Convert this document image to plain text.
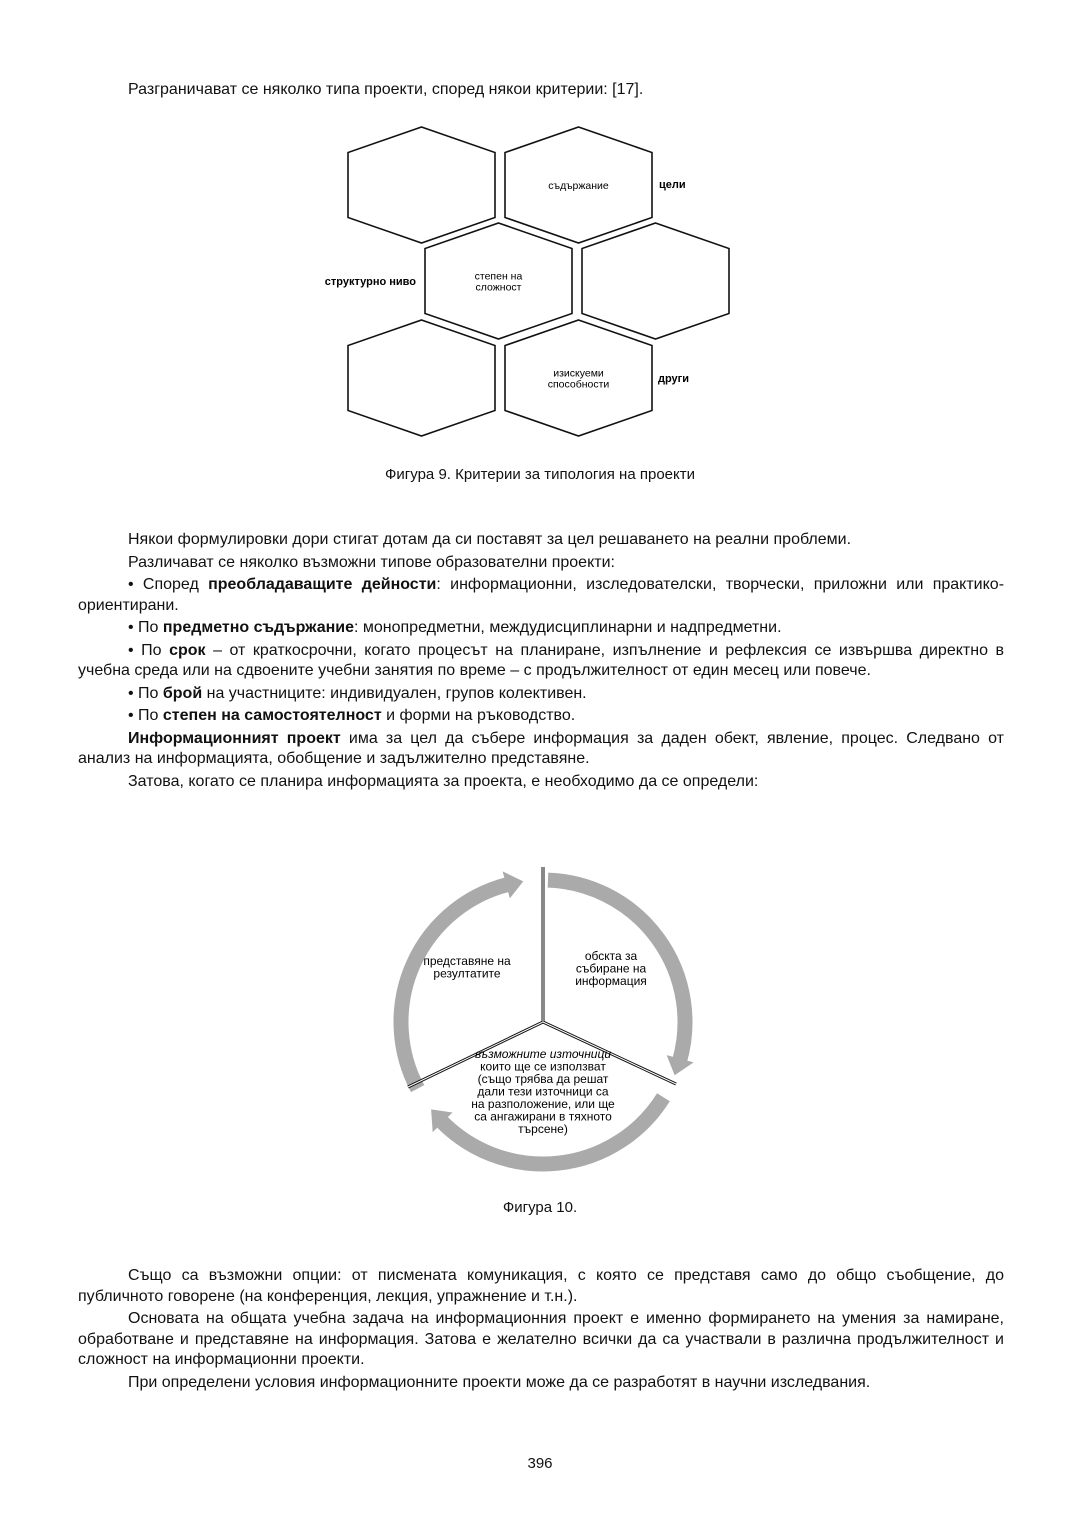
Разграничават се няколко типа проекти, според някои критерии: [17].

съдържание
степен на
сложност
изискуеми
способности
цели
структурно ниво
други
Фигура 9. Критерии за типология на проекти

Някои формулировки дори стигат дотам да си поставят за цел решаването на реални проблеми.

Различават се няколко възможни типове образователни проекти:

• Според преобладаващите дейности: информационни, изследователски, творчески, приложни или практико-ориентирани.

• По предметно съдържание: монопредметни, междудисциплинарни и надпредметни.

• По срок – от краткосрочни, когато процесът на планиране, изпълнение и рефлексия се извършва директно в учебна среда или на сдвоените учебни занятия по време – с продължителност от един месец или повече.

• По брой на участниците: индивидуален, групов колективен.

• По степен на самостоятелност и форми на ръководство.

Информационният проект има за цел да събере информация за даден обект, явление, процес. Следвано от анализ на информацията, обобщение и задължително представяне.

Затова, когато се планира информацията за проекта, е необходимо да се определи:

представяне на
резултатите
обскта за
събиране на
информация
възможните източници
които ще се използват
(също трябва да решат
дали тези източници са
на разположение, или ще
са ангажирани в тяхното
търсене)
Фигура 10.

Също са възможни опции: от писмената комуникация, с която се представя само до общо съобщение, до публичното говорене (на конференция, лекция, упражнение и т.н.).

Основата на общата учебна задача на информационния проект е именно формирането на умения за намиране, обработване и представяне на информация. Затова е желателно всички да са участвали в различна продължителност и сложност на информационни проекти.

При определени условия информационните проекти може да се разработят в научни изследвания.

396
